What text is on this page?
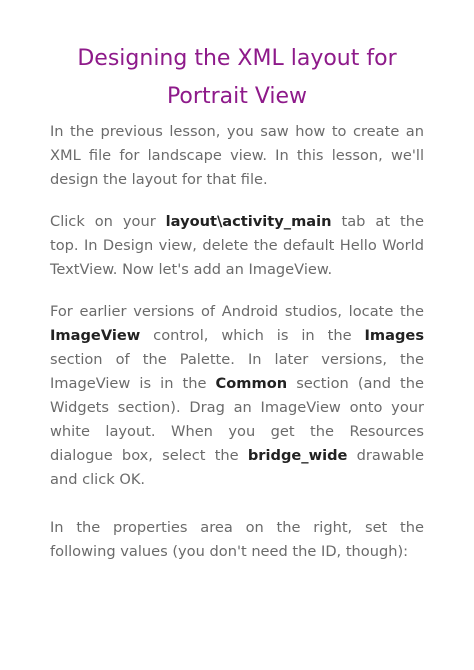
Designing the XML layout for
Portrait View

In the previous lesson, you saw how to create an XML file for landscape view. In this lesson, we'll design the layout for that file.

Click on your layout\activity_main tab at the top. In Design view, delete the default Hello World TextView. Now let's add an ImageView.

For earlier versions of Android studios, locate the ImageView control, which is in the Images section of the Palette. In later versions, the ImageView is in the Common section (and the Widgets section). Drag an ImageView onto your white layout. When you get the Resources dialogue box, select the bridge_wide drawable and click OK.

In the properties area on the right, set the following values (you don't need the ID, though):
